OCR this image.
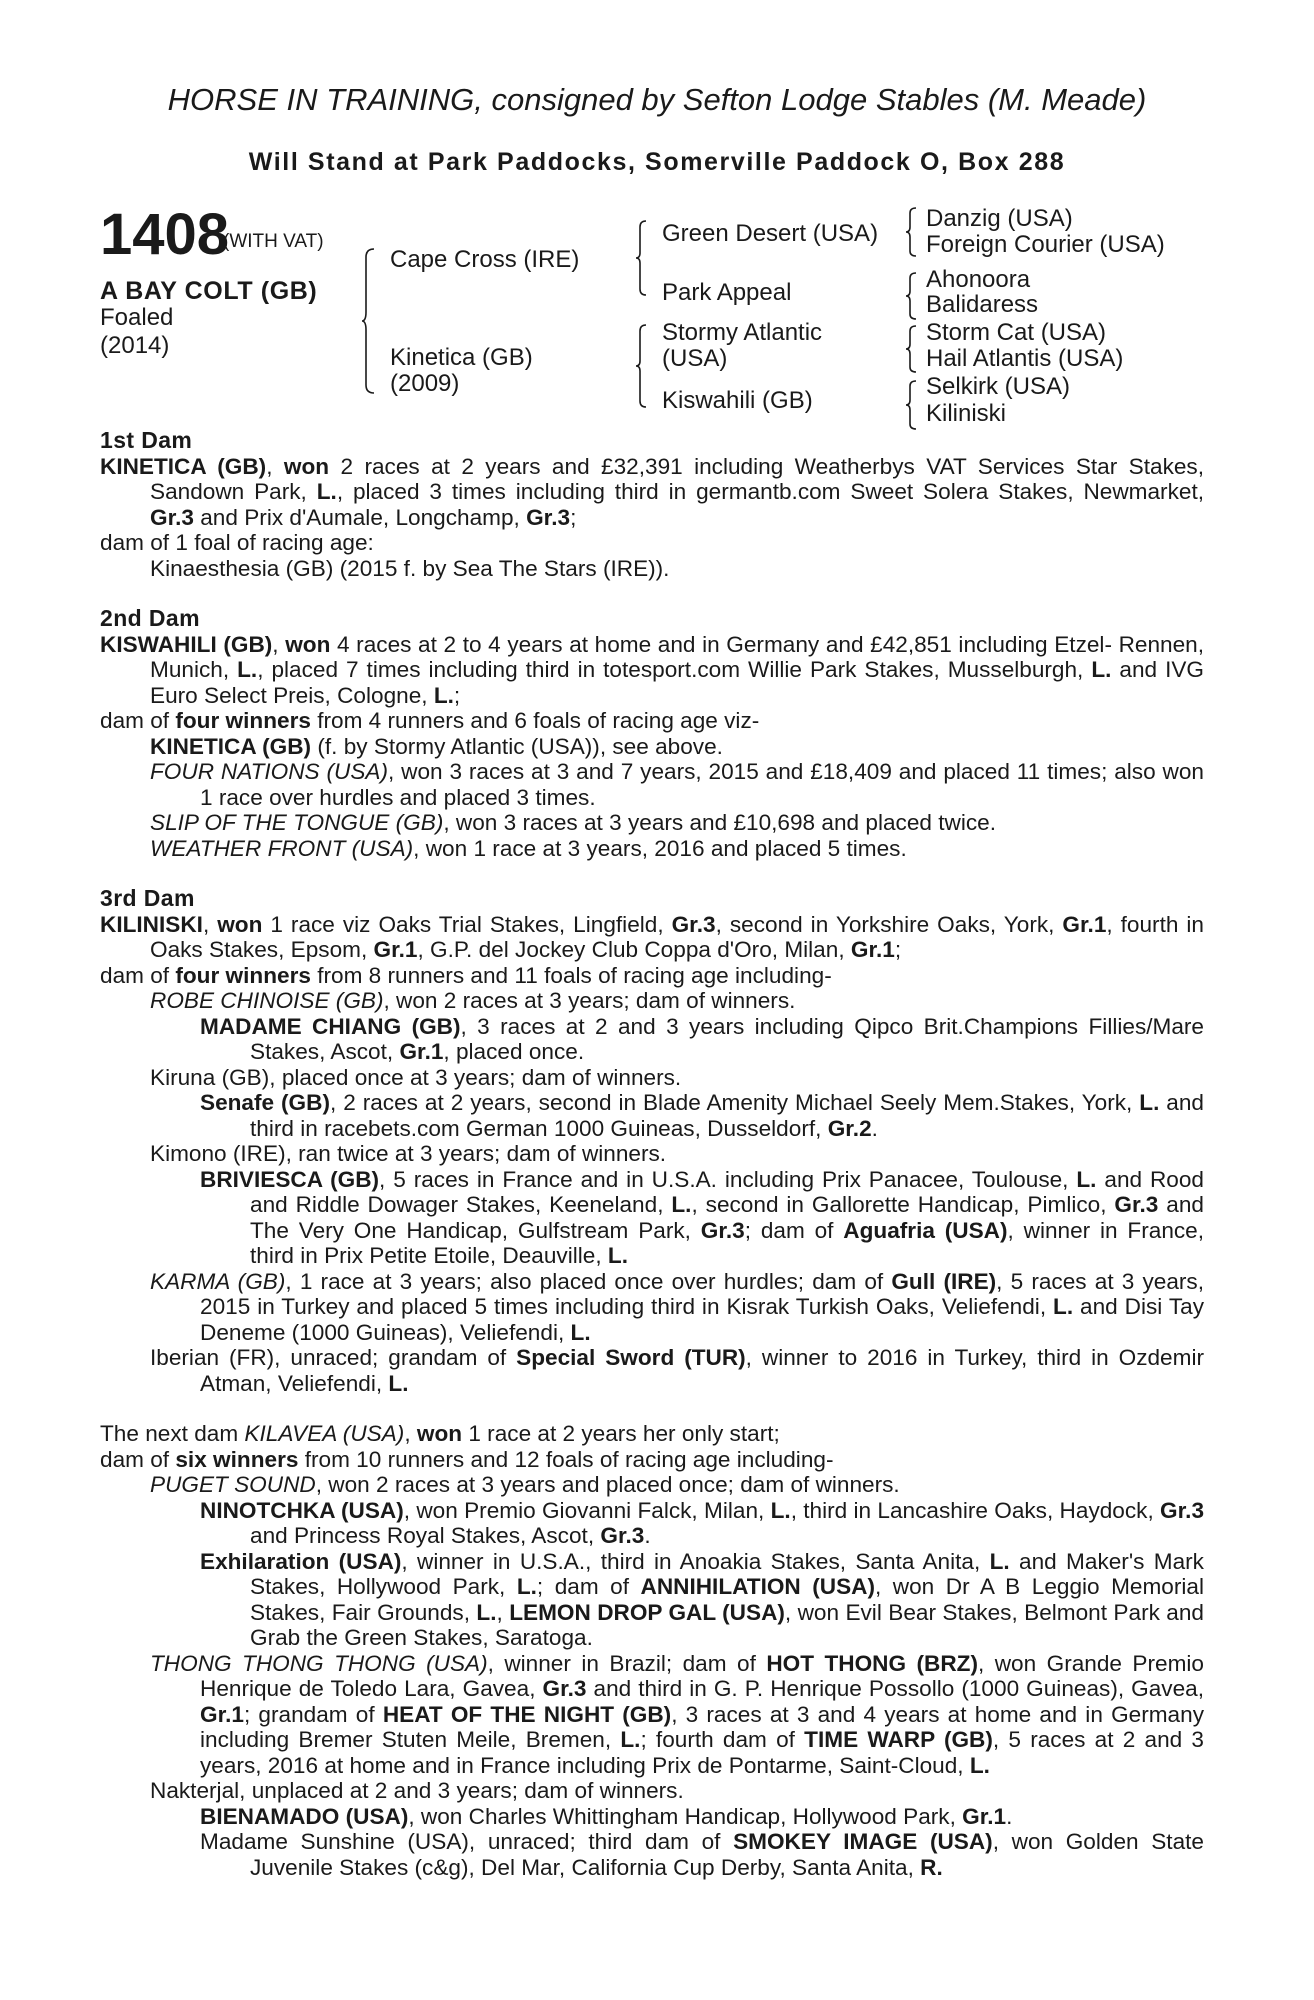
HORSE IN TRAINING, consigned by Sefton Lodge Stables (M. Meade)
Will Stand at Park Paddocks, Somerville Paddock O, Box 288
1408
(WITH VAT)
A BAY COLT (GB)
Foaled
(2014)
Cape Cross (IRE)
Kinetica (GB)
(2009)
Green Desert (USA)
Park Appeal
Stormy Atlantic
(USA)
Kiswahili (GB)
Danzig (USA)
Foreign Courier (USA)
Ahonoora
Balidaress
Storm Cat (USA)
Hail Atlantis (USA)
Selkirk (USA)
Kiliniski

1st Dam

KINETICA (GB), won 2 races at 2 years and £32,391 including Weatherbys VAT Services Star Stakes, Sandown Park, L., placed 3 times including third in germantb.com Sweet Solera Stakes, Newmarket, Gr.3 and Prix d'Aumale, Longchamp, Gr.3;

dam of 1 foal of racing age:

Kinaesthesia (GB) (2015 f. by Sea The Stars (IRE)).

2nd Dam

KISWAHILI (GB), won 4 races at 2 to 4 years at home and in Germany and £42,851 including Etzel- Rennen, Munich, L., placed 7 times including third in totesport.com Willie Park Stakes, Musselburgh, L. and IVG Euro Select Preis, Cologne, L.;

dam of four winners from 4 runners and 6 foals of racing age viz-

KINETICA (GB) (f. by Stormy Atlantic (USA)), see above.

FOUR NATIONS (USA), won 3 races at 3 and 7 years, 2015 and £18,409 and placed 11 times; also won 1 race over hurdles and placed 3 times.

SLIP OF THE TONGUE (GB), won 3 races at 3 years and £10,698 and placed twice.

WEATHER FRONT (USA), won 1 race at 3 years, 2016 and placed 5 times.

3rd Dam

KILINISKI, won 1 race viz Oaks Trial Stakes, Lingfield, Gr.3, second in Yorkshire Oaks, York, Gr.1, fourth in Oaks Stakes, Epsom, Gr.1, G.P. del Jockey Club Coppa d'Oro, Milan, Gr.1;

dam of four winners from 8 runners and 11 foals of racing age including-

ROBE CHINOISE (GB), won 2 races at 3 years; dam of winners.

MADAME CHIANG (GB), 3 races at 2 and 3 years including Qipco Brit.Champions Fillies/Mare Stakes, Ascot, Gr.1, placed once.

Kiruna (GB), placed once at 3 years; dam of winners.

Senafe (GB), 2 races at 2 years, second in Blade Amenity Michael Seely Mem.Stakes, York, L. and third in racebets.com German 1000 Guineas, Dusseldorf, Gr.2.

Kimono (IRE), ran twice at 3 years; dam of winners.

BRIVIESCA (GB), 5 races in France and in U.S.A. including Prix Panacee, Toulouse, L. and Rood and Riddle Dowager Stakes, Keeneland, L., second in Gallorette Handicap, Pimlico, Gr.3 and The Very One Handicap, Gulfstream Park, Gr.3; dam of Aguafria (USA), winner in France, third in Prix Petite Etoile, Deauville, L.

KARMA (GB), 1 race at 3 years; also placed once over hurdles; dam of Gull (IRE), 5 races at 3 years, 2015 in Turkey and placed 5 times including third in Kisrak Turkish Oaks, Veliefendi, L. and Disi Tay Deneme (1000 Guineas), Veliefendi, L.

Iberian (FR), unraced; grandam of Special Sword (TUR), winner to 2016 in Turkey, third in Ozdemir Atman, Veliefendi, L.

The next dam KILAVEA (USA), won 1 race at 2 years her only start;

dam of six winners from 10 runners and 12 foals of racing age including-

PUGET SOUND, won 2 races at 3 years and placed once; dam of winners.

NINOTCHKA (USA), won Premio Giovanni Falck, Milan, L., third in Lancashire Oaks, Haydock, Gr.3 and Princess Royal Stakes, Ascot, Gr.3.

Exhilaration (USA), winner in U.S.A., third in Anoakia Stakes, Santa Anita, L. and Maker's Mark Stakes, Hollywood Park, L.; dam of ANNIHILATION (USA), won Dr A B Leggio Memorial Stakes, Fair Grounds, L., LEMON DROP GAL (USA), won Evil Bear Stakes, Belmont Park and Grab the Green Stakes, Saratoga.

THONG THONG THONG (USA), winner in Brazil; dam of HOT THONG (BRZ), won Grande Premio Henrique de Toledo Lara, Gavea, Gr.3 and third in G. P. Henrique Possollo (1000 Guineas), Gavea, Gr.1; grandam of HEAT OF THE NIGHT (GB), 3 races at 3 and 4 years at home and in Germany including Bremer Stuten Meile, Bremen, L.; fourth dam of TIME WARP (GB), 5 races at 2 and 3 years, 2016 at home and in France including Prix de Pontarme, Saint-Cloud, L.

Nakterjal, unplaced at 2 and 3 years; dam of winners.

BIENAMADO (USA), won Charles Whittingham Handicap, Hollywood Park, Gr.1.

Madame Sunshine (USA), unraced; third dam of SMOKEY IMAGE (USA), won Golden State Juvenile Stakes (c&g), Del Mar, California Cup Derby, Santa Anita, R.
